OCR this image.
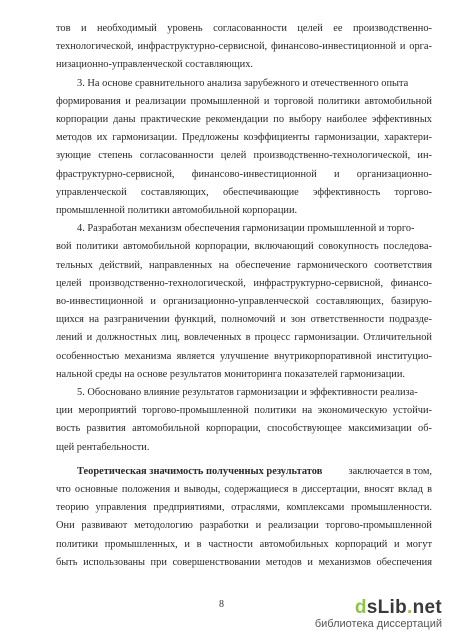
тов и необходимый уровень согласованности целей ее производственно-
технологической, инфраструктурно-сервисной, финансово-инвестиционной и орга-
низационно-управленческой составляющих.
3. На основе сравнительного анализа зарубежного и отечественного опыта
формирования и реализации промышленной и торговой политики автомобильной
корпорации даны практические рекомендации по выбору наиболее эффективных
методов их гармонизации. Предложены коэффициенты гармонизации, характери-
зующие степень согласованности целей производственно-технологической, ин-
фраструктурно-сервисной, финансово-инвестиционной и организационно-
управленческой составляющих, обеспечивающие эффективность торгово-
промышленной политики автомобильной корпорации.
4. Разработан механизм обеспечения гармонизации промышленной и торго-
вой политики автомобильной корпорации, включающий совокупность последова-
тельных действий, направленных на обеспечение гармонического соответствия
целей производственно-технологической, инфраструктурно-сервисной, финансо-
во-инвестиционной и организационно-управленческой составляющих, базирую-
щихся на разграничении функций, полномочий и зон ответственности подразде-
лений и должностных лиц, вовлеченных в процесс гармонизации. Отличительной
особенностью механизма является улучшение внутрикорпоративной институцио-
нальной среды на основе результатов мониторинга показателей гармонизации.
5. Обосновано влияние результатов гармонизации и эффективности реализа-
ции мероприятий торгово-промышленной политики на экономическую устойчи-
вость развития автомобильной корпорации, способствующее максимизации об-
щей рентабельности.
Теоретическая значимость полученных результатов	заключается в том,
что основные положения и выводы, содержащиеся в диссертации, вносят вклад в
теорию управления предприятиями, отраслями, комплексами промышленности.
Они развивают методологию разработки и реализации торгово-промышленной
политики промышленных, и в частности автомобильных корпораций и могут
быть использованы при совершенствовании методов и механизмов обеспечения
8	dsLib.net
библиотека диссертаций
